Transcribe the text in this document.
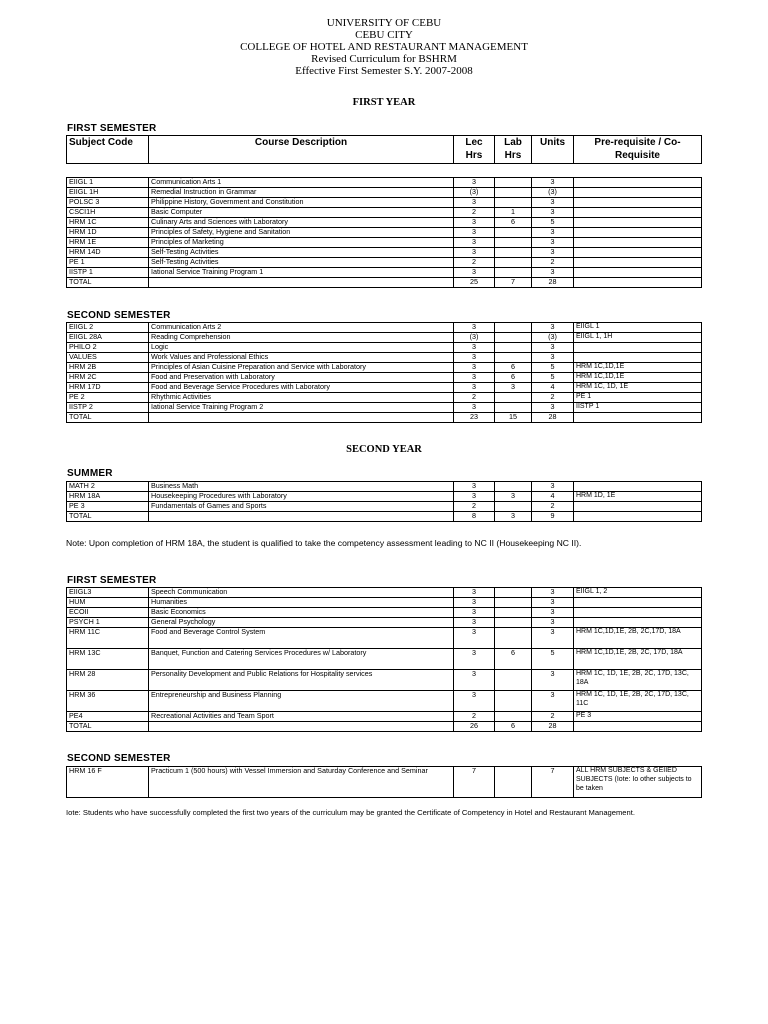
UNIVERSITY OF CEBU
CEBU CITY
COLLEGE OF HOTEL AND RESTAURANT MANAGEMENT
Revised Curriculum for BSHRM
Effective First Semester S.Y. 2007-2008
FIRST YEAR
FIRST SEMESTER
Subject Code	Course Description	Lec Hrs	Lab Hrs	Units	Pre-requisite / Co-Requisite
EIIGL 1	Communication Arts 1	3		3	
EIIGL 1H	Remedial Instruction in Grammar	(3)		(3)	
POLSC 3	Philippine History, Government and Constitution	3		3	
CSCI1H	Basic Computer	2	1	3	
HRM 1C	Culinary Arts and Sciences with Laboratory	3	6	5	
HRM 1D	Principles of Safety, Hygiene and Sanitation	3		3	
HRM 1E	Principles of Marketing	3		3	
HRM 14D	Self-Testing Activities	3		3	
PE 1	Self-Testing Activities	2		2	
IISTP 1	Iational Service Training Program 1	3		3	
TOTAL		25	7	28	
SECOND SEMESTER
EIIGL 2	Communication Arts 2	3		3	EIIGL 1
EIIGL 28A	Reading Comprehension	(3)		(3)	EIIGL 1, 1H
PHILO 2	Logic	3		3	
VALUES	Work Values and Professional Ethics	3		3	
HRM 2B	Principles of Asian Cuisine Preparation and Service with Laboratory	3	6	5	HRM 1C,1D,1E
HRM 2C	Food and Preservation with Laboratory	3	6	5	HRM 1C,1D,1E
HRM 17D	Food and Beverage Service Procedures with Laboratory	3	3	4	HRM 1C, 1D, 1E
PE 2	Rhythmic Activities	2		2	PE 1
IISTP 2	Iational Service Training Program 2	3		3	IISTP 1
TOTAL		23	15	28	
SECOND YEAR
SUMMER
MATH 2	Business Math	3		3	
HRM 18A	Housekeeping Procedures with Laboratory	3	3	4	HRM 1D, 1E
PE 3	Fundamentals of Games and Sports	2		2	
TOTAL		8	3	9	
Note: Upon completion of HRM 18A, the student is qualified to take the competency assessment leading to NC II (Housekeeping NC II).
FIRST SEMESTER
EIIGL3	Speech Communication	3		3	EIIGL 1, 2
HUM	Humanities	3		3	
ECOII	Basic Economics	3		3	
PSYCH 1	General Psychology	3		3	
HRM 11C	Food and Beverage Control System	3		3	HRM 1C,1D,1E, 2B, 2C,17D, 18A
HRM 13C	Banquet, Function and Catering Services Procedures w/ Laboratory	3	6	5	HRM 1C,1D,1E, 2B, 2C, 17D, 18A
HRM 28	Personality Development and Public Relations for Hospitality services	3		3	HRM 1C, 1D, 1E, 2B, 2C, 17D, 13C, 18A
HRM 36	Entrepreneurship and Business Planning	3		3	HRM 1C, 1D, 1E, 2B, 2C, 17D, 13C, 11C
PE4	Recreational Activities and Team Sport	2		2	PE 3
TOTAL		26	6	28	
SECOND SEMESTER
HRM 16 F	Practicum 1 (500 hours) with Vessel Immersion and Saturday Conference and Seminar	7		7	ALL HRM SUBJECTS & GEIIED SUBJECTS (Iote: Io other subjects to be taken
Iote: Students who have successfully completed the first two years of the curriculum may be granted the Certificate of Competency in Hotel and Restaurant Management.
